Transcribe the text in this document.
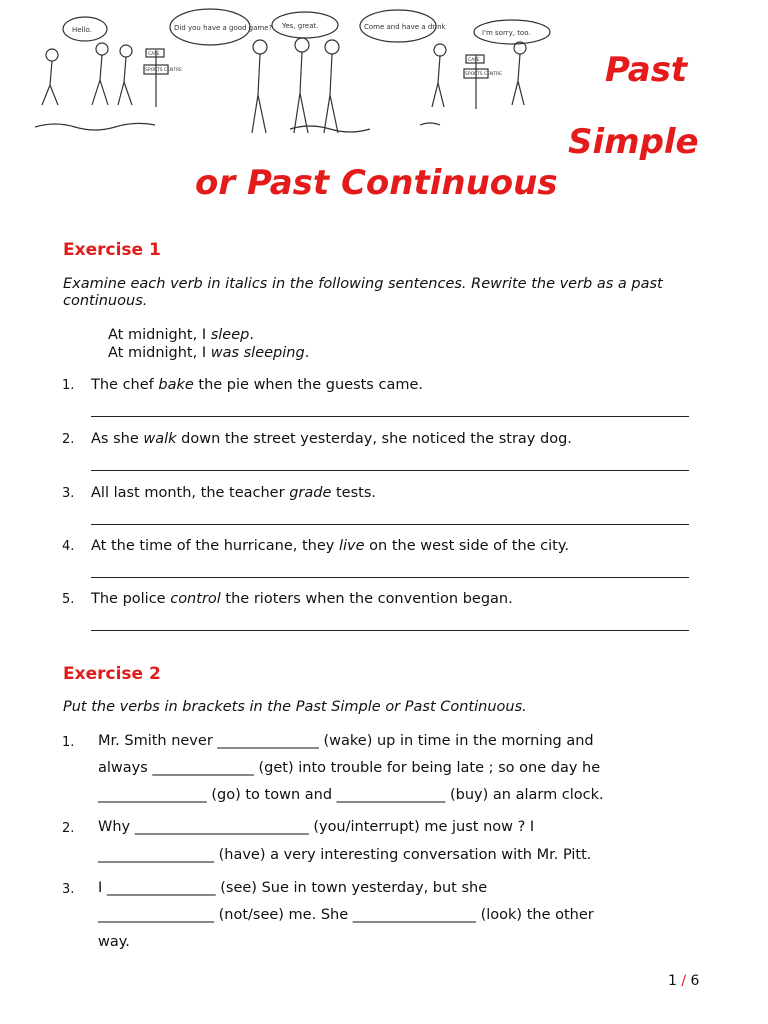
Hello.	Did you have a good game? Yes, great.	Come and have a drink
I'm sorry, too.
CAFE
SPORTS CENTRE
CAFE
SPORTS CENTRE	Past
Simple
or Past Continuous
Exercise 1
Examine each verb in italics in the following sentences. Rewrite the verb as a past continuous.
At midnight, I sleep.
At midnight, I was sleeping.
1. The chef bake the pie when the guests came.
2. As she walk down the street yesterday, she noticed the stray dog.
3. All last month, the teacher grade tests.
4. At the time of the hurricane, they live on the west side of the city.
5. The police control the rioters when the convention began.
Exercise 2
Put the verbs in brackets in the Past Simple or Past Continuous.
1. Mr. Smith never ______________ (wake) up in time in the morning and
always ______________ (get) into trouble for being late ; so one day he
_______________ (go) to town and _______________ (buy) an alarm clock.
2. Why ________________________ (you/interrupt) me just now ? I
________________ (have) a very interesting conversation with Mr. Pitt.
3. I _______________ (see) Sue in town yesterday, but she
________________ (not/see) me. She _________________ (look) the other
way.
1 / 6
